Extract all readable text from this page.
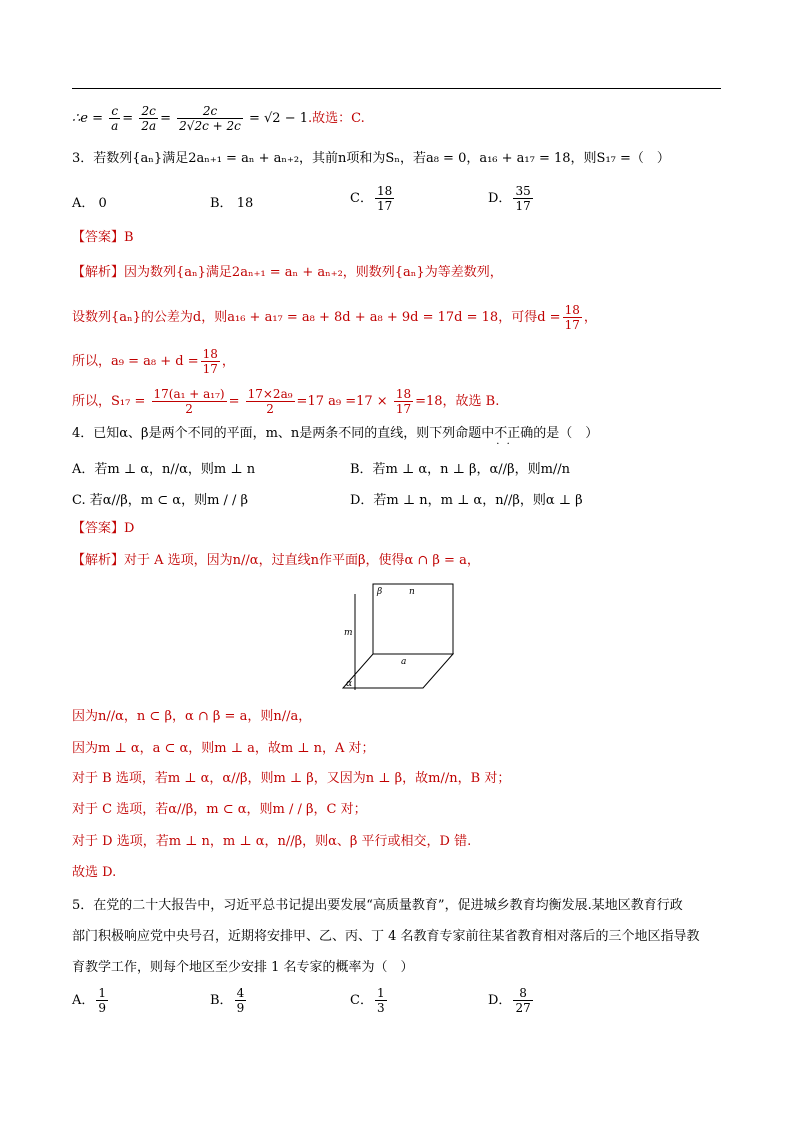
∴e = $\frac{c}{a} = \frac{2c}{2a} = \frac{2c}{2√2c + 2c} = √2 - 1$.故选：C.
3．若数列{aₙ}满足2aₙ₊₁ = aₙ + aₙ₊₂，其前n项和为Sₙ，若a₈ = 0，a₁₆ + a₁₇ = 18，则S₁₇ =（　）
A． 0	B． 18	C． $\frac{18}{17}$	D． $\frac{35}{17}$
【答案】B
【解析】因为数列{aₙ}满足2aₙ₊₁ = aₙ + aₙ₊₂，则数列{aₙ}为等差数列，
设数列{aₙ}的公差为d，则a₁₆ + a₁₇ = a₈ + 8d + a₈ + 9d = 17d = 18，可得$d = \frac{18}{17}$ ，
所以，$a_9 = a_8 + d = \frac{18}{17}$ ，
所以，$S_{17} = \frac{\text{17(a₁ + a₁₇)}}{2} = \frac{\text{17×2a₉}}{2} =17$ $a_9 =17 \times \frac{18}{17} =18$，故选 B.
4．已知α、β是两个不同的平面，m、n是两条不同的直线，则下列命题中不正确 · ·的是（　）
A．若m ⊥ α，n//α，则m ⊥ n	B．若m ⊥ α，n ⊥ β，α//β，则m//n
C. 若α//β，m ⊂ α，则m / / β	D．若m ⊥ n，m ⊥ α，n//β，则α ⊥ β
【答案】D
【解析】对于 A 选项，因为n//α，过直线n作平面β，使得α ∩ β = a，
β	n
m
a
α
因为n//α，n ⊂ β，α ∩ β = a，则n//a，
因为m ⊥ α，a ⊂ α，则m ⊥ a，故m ⊥ n，A 对；
对于 B 选项，若m ⊥ α，α//β，则m ⊥ β，又因为n ⊥ β，故m//n，B 对；
对于 C 选项，若α//β，m ⊂ α，则m / / β，C 对；
对于 D 选项，若m ⊥ n，m ⊥ α，n//β，则α、β 平行或相交，D 错.
故选 D.
5．在党的二十大报告中，习近平总书记提出要发展“高质量教育”，促进城乡教育均衡发展.某地区教育行政
部门积极响应党中央号召，近期将安排甲、乙、丙、丁 4 名教育专家前往某省教育相对落后的三个地区指导教
育教学工作，则每个地区至少安排 1 名专家的概率为（　）
A． $\frac{1}{9}$	B． $\frac{4}{9}$	C． $\frac{1}{3}$	D． $\frac{8}{27}$
